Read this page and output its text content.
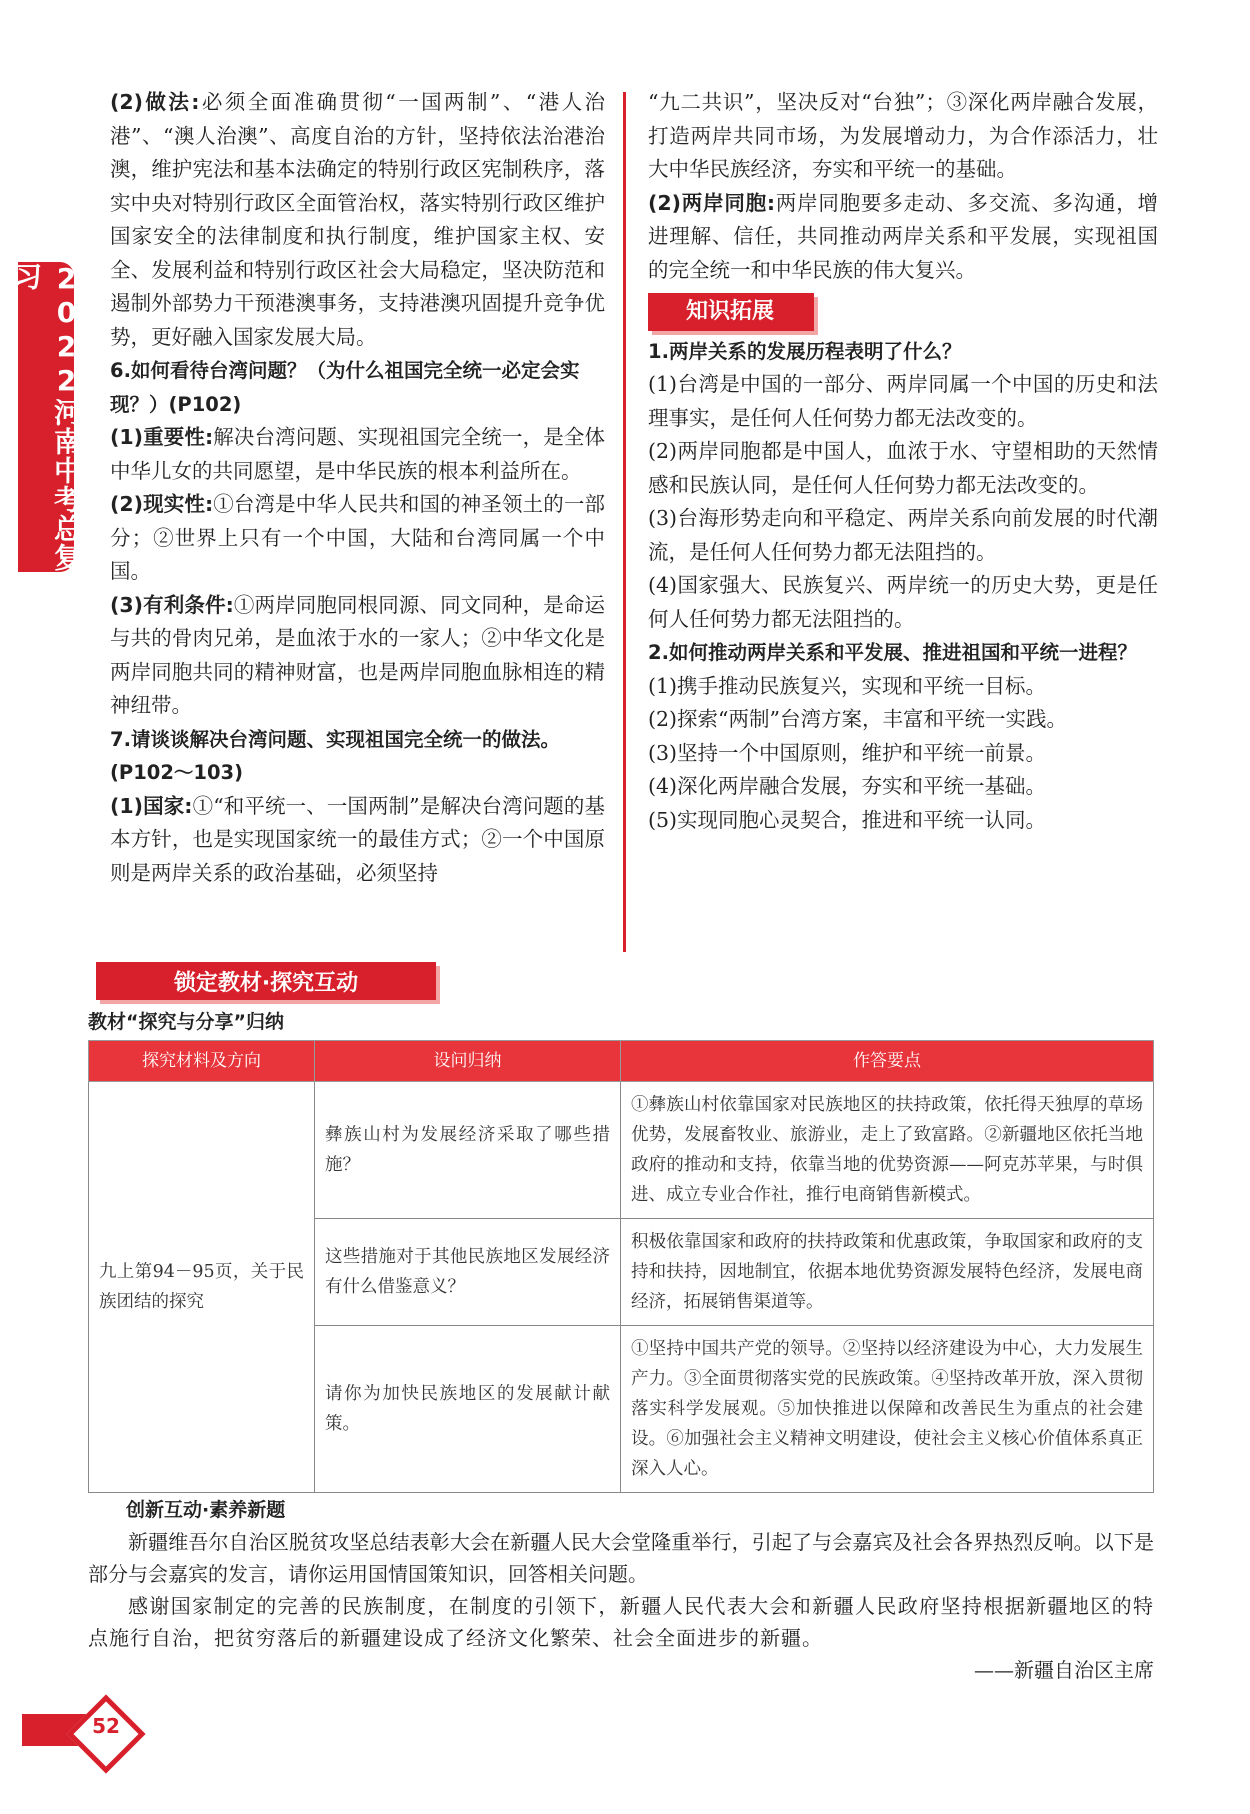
2022河南中考总复习

(2)做法:必须全面准确贯彻“一国两制”、“港人治港”、“澳人治澳”、高度自治的方针，坚持依法治港治澳，维护宪法和基本法确定的特别行政区宪制秩序，落实中央对特别行政区全面管治权，落实特别行政区维护国家安全的法律制度和执行制度，维护国家主权、安全、发展利益和特别行政区社会大局稳定，坚决防范和遏制外部势力干预港澳事务，支持港澳巩固提升竞争优势，更好融入国家发展大局。

6.如何看待台湾问题？（为什么祖国完全统一必定会实现？）(P102)

(1)重要性:解决台湾问题、实现祖国完全统一，是全体中华儿女的共同愿望，是中华民族的根本利益所在。

(2)现实性:①台湾是中华人民共和国的神圣领土的一部分；②世界上只有一个中国，大陆和台湾同属一个中国。

(3)有利条件:①两岸同胞同根同源、同文同种，是命运与共的骨肉兄弟，是血浓于水的一家人；②中华文化是两岸同胞共同的精神财富，也是两岸同胞血脉相连的精神纽带。

7.请谈谈解决台湾问题、实现祖国完全统一的做法。(P102～103)

(1)国家:①“和平统一、一国两制”是解决台湾问题的基本方针，也是实现国家统一的最佳方式；②一个中国原则是两岸关系的政治基础，必须坚持

“九二共识”，坚决反对“台独”；③深化两岸融合发展，打造两岸共同市场，为发展增动力，为合作添活力，壮大中华民族经济，夯实和平统一的基础。

(2)两岸同胞:两岸同胞要多走动、多交流、多沟通，增进理解、信任，共同推动两岸关系和平发展，实现祖国的完全统一和中华民族的伟大复兴。

知识拓展

1.两岸关系的发展历程表明了什么？

(1)台湾是中国的一部分、两岸同属一个中国的历史和法理事实，是任何人任何势力都无法改变的。

(2)两岸同胞都是中国人，血浓于水、守望相助的天然情感和民族认同，是任何人任何势力都无法改变的。

(3)台海形势走向和平稳定、两岸关系向前发展的时代潮流，是任何人任何势力都无法阻挡的。

(4)国家强大、民族复兴、两岸统一的历史大势，更是任何人任何势力都无法阻挡的。

2.如何推动两岸关系和平发展、推进祖国和平统一进程？

(1)携手推动民族复兴，实现和平统一目标。

(2)探索“两制”台湾方案，丰富和平统一实践。

(3)坚持一个中国原则，维护和平统一前景。

(4)深化两岸融合发展，夯实和平统一基础。

(5)实现同胞心灵契合，推进和平统一认同。

锁定教材·探究互动
教材“探究与分享”归纳
探究材料及方向	设问归纳	作答要点
九上第94－95页，关于民族团结的探究	彝族山村为发展经济采取了哪些措施？	①彝族山村依靠国家对民族地区的扶持政策，依托得天独厚的草场优势，发展畜牧业、旅游业，走上了致富路。②新疆地区依托当地政府的推动和支持，依靠当地的优势资源——阿克苏苹果，与时俱进、成立专业合作社，推行电商销售新模式。
	这些措施对于其他民族地区发展经济有什么借鉴意义？	积极依靠国家和政府的扶持政策和优惠政策，争取国家和政府的支持和扶持，因地制宜，依据本地优势资源发展特色经济，发展电商经济，拓展销售渠道等。
	请你为加快民族地区的发展献计献策。	①坚持中国共产党的领导。②坚持以经济建设为中心，大力发展生产力。③全面贯彻落实党的民族政策。④坚持改革开放，深入贯彻落实科学发展观。⑤加快推进以保障和改善民生为重点的社会建设。⑥加强社会主义精神文明建设，使社会主义核心价值体系真正深入人心。

创新互动·素养新题

新疆维吾尔自治区脱贫攻坚总结表彰大会在新疆人民大会堂隆重举行，引起了与会嘉宾及社会各界热烈反响。以下是部分与会嘉宾的发言，请你运用国情国策知识，回答相关问题。

感谢国家制定的完善的民族制度，在制度的引领下，新疆人民代表大会和新疆人民政府坚持根据新疆地区的特点施行自治，把贫穷落后的新疆建设成了经济文化繁荣、社会全面进步的新疆。

——新疆自治区主席

52
